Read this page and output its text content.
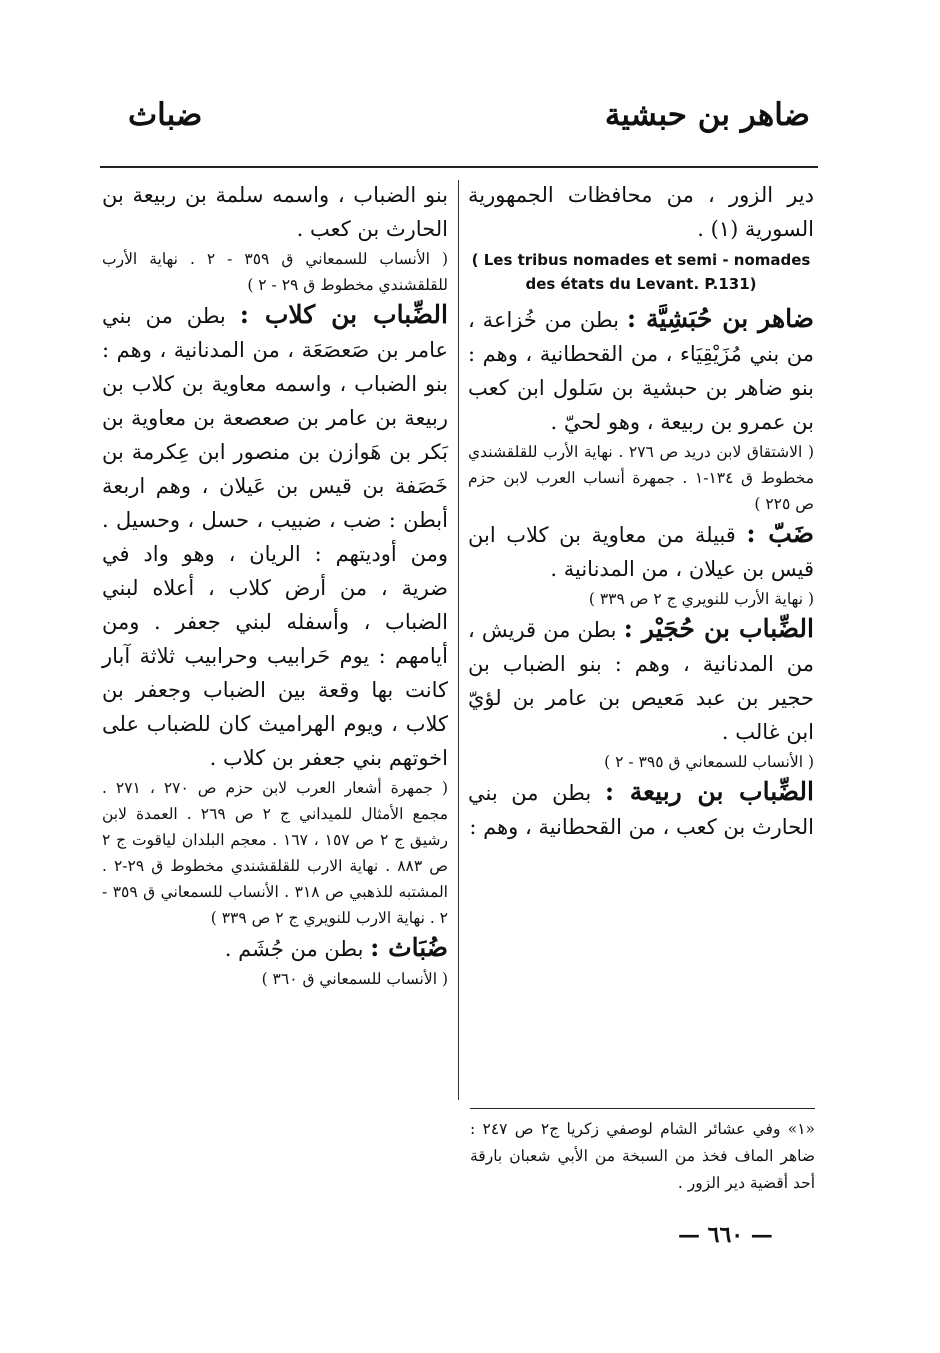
ضاهر بن حبشية
ضباث

دير الزور ، من محافظات الجمهورية السورية (١) .

( Les tribus nomades et semi - nomades des états du Levant. P.131)

ضاهر بن حُبَشِيَّة : بطن من خُزاعة ، من بني مُزَيْقِيَاء ، من القحطانية ، وهم : بنو ضاهر بن حبشية بن سَلول ابن كعب بن عمرو بن ربيعة ، وهو لحيّ .

( الاشتقاق لابن دريد ص ٢٧٦ . نهاية الأرب للقلقشندي مخطوط ق ١٣٤-١ . جمهرة أنساب العرب لابن حزم ص ٢٢٥ )

ضَبّ : قبيلة من معاوية بن كلاب ابن قيس بن عيلان ، من المدنانية .

( نهاية الأرب للنويري ج ٢ ص ٣٣٩ )

الضِّباب بن حُجَيْر : بطن من قريش ، من المدنانية ، وهم : بنو الضباب بن حجير بن عبد مَعيص بن عامر بن لؤيّ ابن غالب .

( الأنساب للسمعاني ق ٣٩٥ - ٢ )

الضِّباب بن ربيعة : بطن من بني الحارث بن كعب ، من القحطانية ، وهم :

بنو الضباب ، واسمه سلمة بن ربيعة بن الحارث بن كعب .

( الأنساب للسمعاني ق ٣٥٩ - ٢ . نهاية الأرب للقلقشندي مخطوط ق ٢٩ - ٢ )

الضِّباب بن كلاب : بطن من بني عامر بن صَعصَعَة ، من المدنانية ، وهم : بنو الضباب ، واسمه معاوية بن كلاب بن ربيعة بن عامر بن صعصعة بن معاوية بن بَكر بن هَوازن بن منصور ابن عِكرمة بن خَصَفة بن قيس بن عَيلان ، وهم اربعة أبطن : ضب ، ضبيب ، حسل ، وحسيل . ومن أوديتهم : الريان ، وهو واد في ضرية ، من أرض كلاب ، أعلاه لبني الضباب ، وأسفله لبني جعفر . ومن أيامهم : يوم حَرابيب وحرابيب ثلاثة آبار كانت بها وقعة بين الضباب وجعفر بن كلاب ، ويوم الهراميث كان للضباب على اخوتهم بني جعفر بن كلاب .

( جمهرة أشعار العرب لابن حزم ص ٢٧٠ ، ٢٧١ . مجمع الأمثال للميداني ج ٢ ص ٢٦٩ . العمدة لابن رشيق ج ٢ ص ١٥٧ ، ١٦٧ . معجم البلدان لياقوت ج ٢ ص ٨٨٣ . نهاية الارب للقلقشندي مخطوط ق ٢٩-٢ . المشتبه للذهبي ص ٣١٨ . الأنساب للسمعاني ق ٣٥٩ - ٢ . نهاية الارب للنويري ج ٢ ص ٣٣٩ )

ضُبَاث : بطن من جُشَم .

( الأنساب للسمعاني ق ٣٦٠ )

«١» وفي عشائر الشام لوصفي زكريا ج٢ ص ٢٤٧ : ضاهر الماف فخذ من السبخة من الأبي شعبان بارقة أحد أقضية دير الزور .
— ٦٦٠ —
